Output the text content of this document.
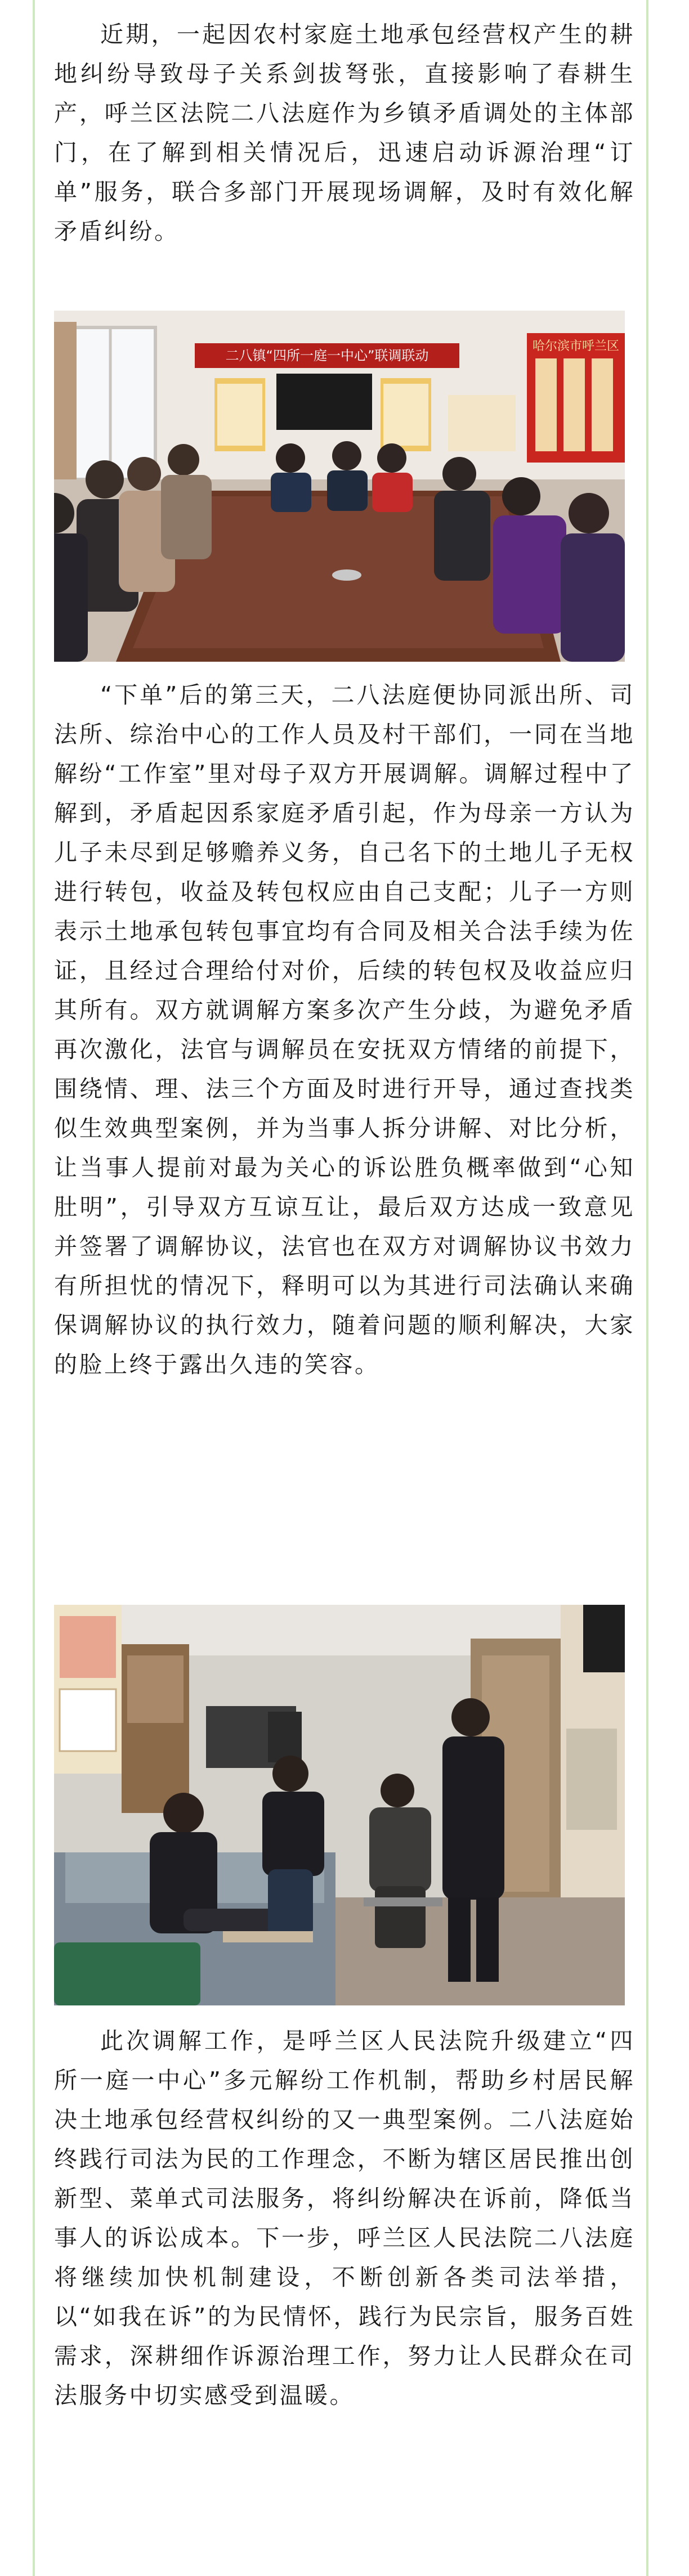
近期，一起因农村家庭土地承包经营权产生的耕地纠纷导致母子关系剑拔弩张，直接影响了春耕生产，呼兰区法院二八法庭作为乡镇矛盾调处的主体部门，在了解到相关情况后，迅速启动诉源治理“订单”服务，联合多部门开展现场调解，及时有效化解矛盾纠纷。

二八镇“四所一庭一中心”联调联动
哈尔滨市呼兰区

“下单”后的第三天，二八法庭便协同派出所、司法所、综治中心的工作人员及村干部们，一同在当地解纷“工作室”里对母子双方开展调解。调解过程中了解到，矛盾起因系家庭矛盾引起，作为母亲一方认为儿子未尽到足够赡养义务，自己名下的土地儿子无权进行转包，收益及转包权应由自己支配；儿子一方则表示土地承包转包事宜均有合同及相关合法手续为佐证，且经过合理给付对价，后续的转包权及收益应归其所有。双方就调解方案多次产生分歧，为避免矛盾再次激化，法官与调解员在安抚双方情绪的前提下，围绕情、理、法三个方面及时进行开导，通过查找类似生效典型案例，并为当事人拆分讲解、对比分析，让当事人提前对最为关心的诉讼胜负概率做到“心知肚明”，引导双方互谅互让，最后双方达成一致意见并签署了调解协议，法官也在双方对调解协议书效力有所担忧的情况下，释明可以为其进行司法确认来确保调解协议的执行效力，随着问题的顺利解决，大家的脸上终于露出久违的笑容。

此次调解工作，是呼兰区人民法院升级建立“四所一庭一中心”多元解纷工作机制，帮助乡村居民解决土地承包经营权纠纷的又一典型案例。二八法庭始终践行司法为民的工作理念，不断为辖区居民推出创新型、菜单式司法服务，将纠纷解决在诉前，降低当事人的诉讼成本。下一步，呼兰区人民法院二八法庭将继续加快机制建设，不断创新各类司法举措，以“如我在诉”的为民情怀，践行为民宗旨，服务百姓需求，深耕细作诉源治理工作，努力让人民群众在司法服务中切实感受到温暖。
